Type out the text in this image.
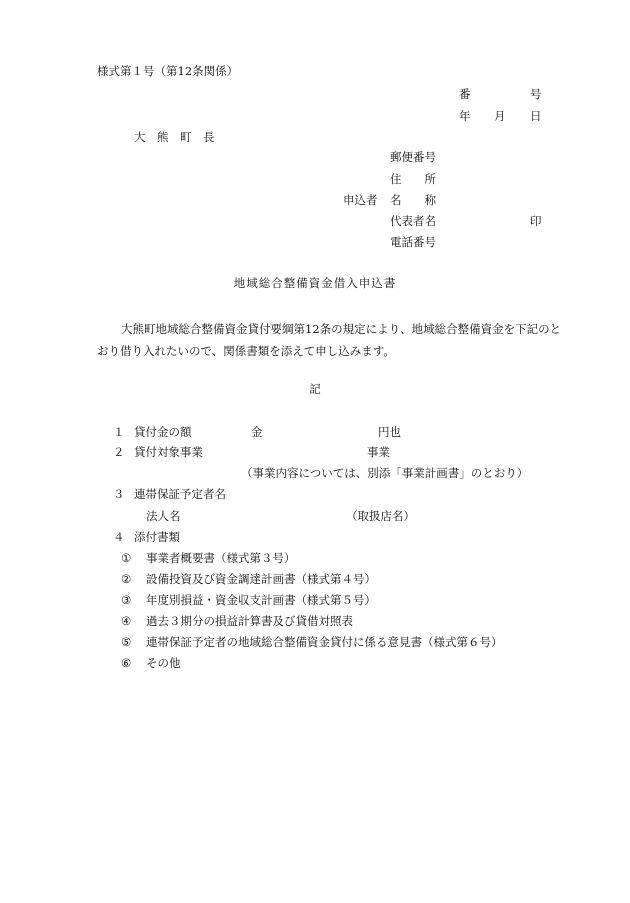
様式第１号（第12条関係）
番	号
年 月 日
大　熊　町　長
郵便番号
住　　所
申込者 名　　称
代表者名	印
電話番号
地域総合整備資金借入申込書
大熊町地域総合整備資金貸付要綱第12条の規定により、地域総合整備資金を下記のとおり借り入れたいので、関係書類を添えて申し込みます。
記
１ 貸付金の額	金	円也
２ 貸付対象事業	事業
（事業内容については、別添「事業計画書」のとおり）
３ 連帯保証予定者名
法人名	（取扱店名）
４ 添付書類
① 事業者概要書（様式第３号）
② 設備投資及び資金調達計画書（様式第４号）
③ 年度別損益・資金収支計画書（様式第５号）
④ 過去３期分の損益計算書及び貸借対照表
⑤ 連帯保証予定者の地域総合整備資金貸付に係る意見書（様式第６号）
⑥ その他
